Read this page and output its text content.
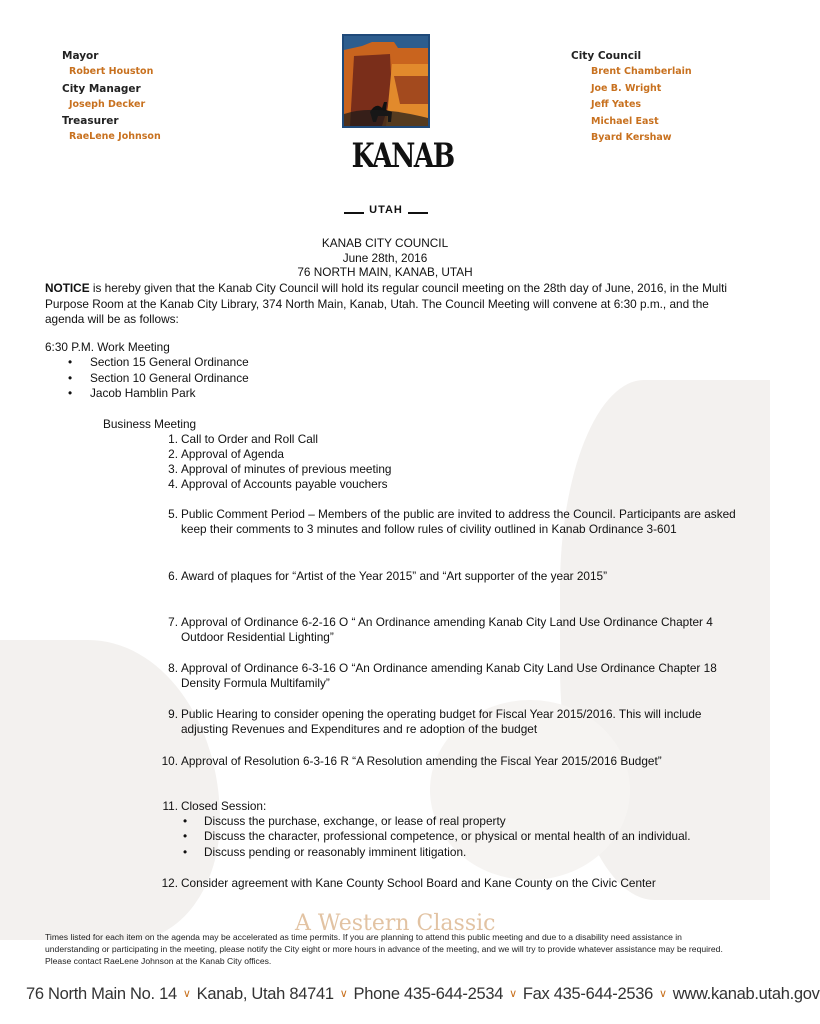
Mayor
Robert Houston
City Manager
Joseph Decker
Treasurer
RaeLene Johnson	KANAB
UTAH
City Council
Brent Chamberlain
Joe B. Wright
Jeff Yates
Michael East
Byard Kershaw
KANAB CITY COUNCIL
June 28th, 2016
76 NORTH MAIN, KANAB, UTAH
NOTICE is hereby given that the Kanab City Council will hold its regular council meeting on the 28th day of June, 2016, in the Multi Purpose Room at the Kanab City Library, 374 North Main, Kanab, Utah. The Council Meeting will convene at 6:30 p.m., and the agenda will be as follows:
6:30 P.M. Work Meeting
• Section 15 General Ordinance
• Section 10 General Ordinance
• Jacob Hamblin Park
Business Meeting
1. Call to Order and Roll Call
2. Approval of Agenda
3. Approval of minutes of previous meeting
4. Approval of Accounts payable vouchers
5. Public Comment Period – Members of the public are invited to address the Council. Participants are asked keep their comments to 3 minutes and follow rules of civility outlined in Kanab Ordinance 3-601
6. Award of plaques for “Artist of the Year 2015” and “Art supporter of the year 2015”
7. Approval of Ordinance 6-2-16 O “ An Ordinance amending Kanab City Land Use Ordinance Chapter 4 Outdoor Residential Lighting”
8. Approval of Ordinance 6-3-16 O “An Ordinance amending Kanab City Land Use Ordinance Chapter 18 Density Formula Multifamily”
9. Public Hearing to consider opening the operating budget for Fiscal Year 2015/2016. This will include adjusting Revenues and Expenditures and re adoption of the budget
10. Approval of Resolution 6-3-16 R “A Resolution amending the Fiscal Year 2015/2016 Budget”
11. Closed Session:
• Discuss the purchase, exchange, or lease of real property
• Discuss the character, professional competence, or physical or mental health of an individual.
• Discuss pending or reasonably imminent litigation.
12. Consider agreement with Kane County School Board and Kane County on the Civic Center
A Western Classic
Times listed for each item on the agenda may be accelerated as time permits. If you are planning to attend this public meeting and due to a disability need assistance in understanding or participating in the meeting, please notify the City eight or more hours in advance of the meeting, and we will try to provide whatever assistance may be required. Please contact RaeLene Johnson at the Kanab City offices.
76 North Main No. 14 ∨ Kanab, Utah 84741 ∨ Phone 435-644-2534 ∨ Fax 435-644-2536 ∨ www.kanab.utah.gov
